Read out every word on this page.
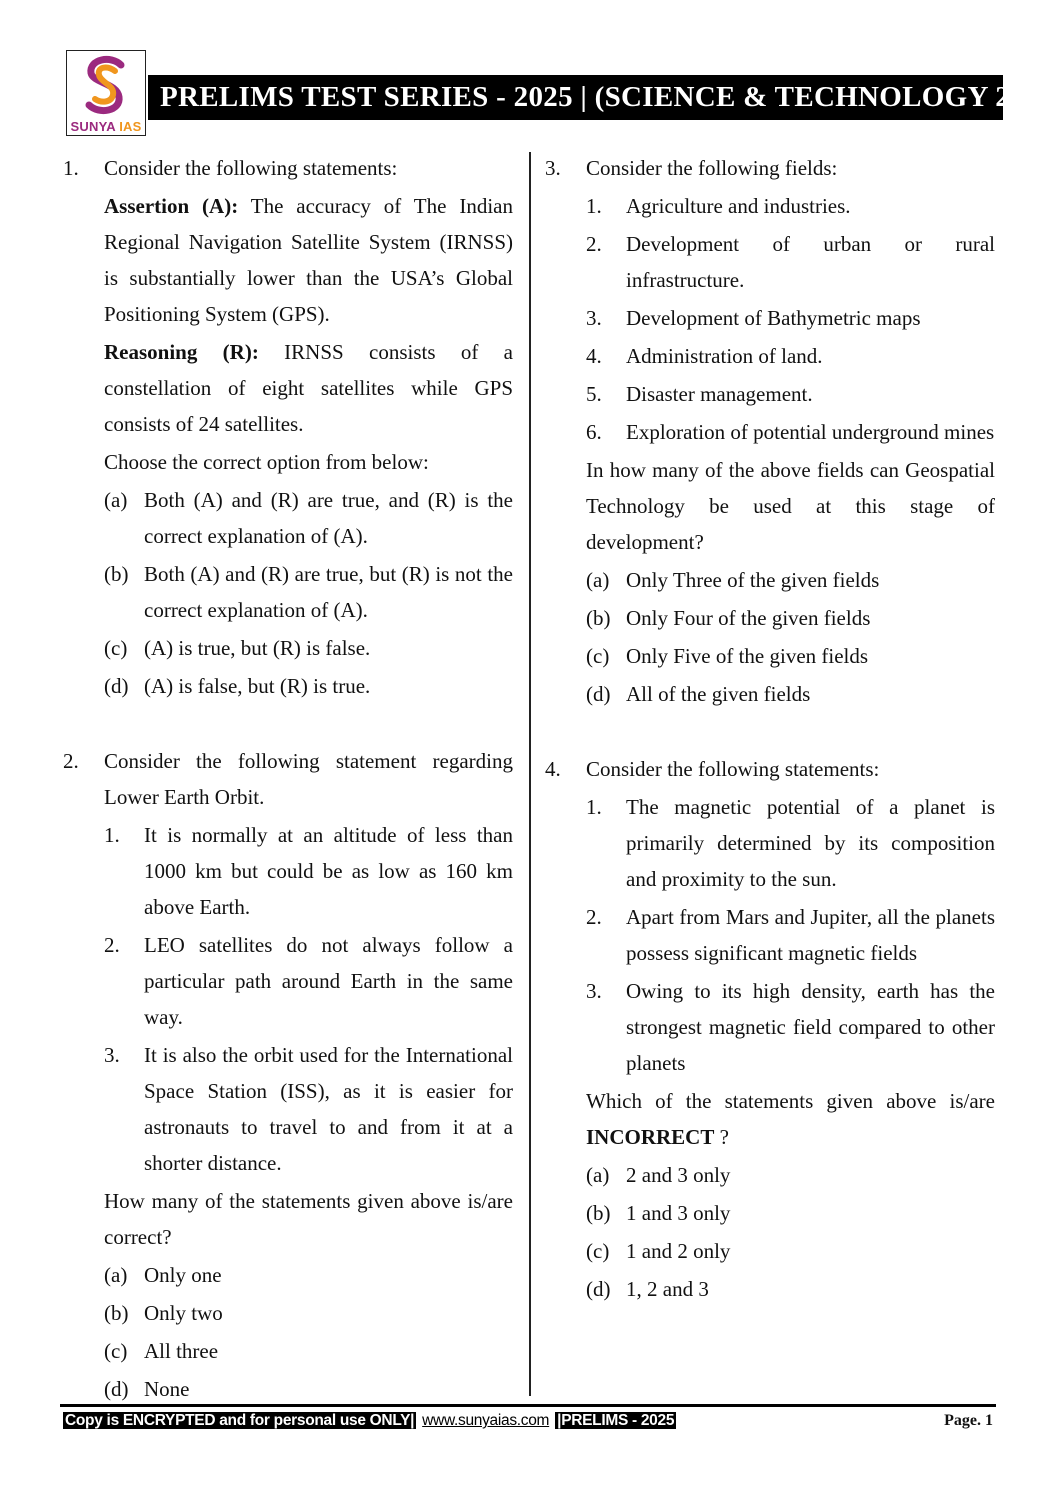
SUNYA IAS
PRELIMS TEST SERIES - 2025 | (SCIENCE & TECHNOLOGY 2.0)
1. Consider the following statements:
Assertion (A): The accuracy of The Indian Regional Navigation Satellite System (IRNSS) is substantially lower than the USA’s Global Positioning System (GPS).
Reasoning (R): IRNSS consists of a constellation of eight satellites while GPS consists of 24 satellites.
Choose the correct option from below:
(a) Both (A) and (R) are true, and (R) is the correct explanation of (A).
(b) Both (A) and (R) are true, but (R) is not the correct explanation of (A).
(c) (A) is true, but (R) is false.
(d) (A) is false, but (R) is true.
2. Consider the following statement regarding Lower Earth Orbit.
1. It is normally at an altitude of less than 1000 km but could be as low as 160 km above Earth.
2. LEO satellites do not always follow a particular path around Earth in the same way.
3. It is also the orbit used for the International Space Station (ISS), as it is easier for astronauts to travel to and from it at a shorter distance.
How many of the statements given above is/are correct?
(a) Only one
(b) Only two
(c) All three
(d) None
3. Consider the following fields:
1. Agriculture and industries.
2. Development of urban or rural infrastructure.
3. Development of Bathymetric maps
4. Administration of land.
5. Disaster management.
6. Exploration of potential underground mines
In how many of the above fields can Geospatial Technology be used at this stage of development?
(a) Only Three of the given fields
(b) Only Four of the given fields
(c) Only Five of the given fields
(d) All of the given fields
4. Consider the following statements:
1. The magnetic potential of a planet is primarily determined by its composition and proximity to the sun.
2. Apart from Mars and Jupiter, all the planets possess significant magnetic fields
3. Owing to its high density, earth has the strongest magnetic field compared to other planets
Which of the statements given above is/are INCORRECT ?
(a) 2 and 3 only
(b) 1 and 3 only
(c) 1 and 2 only
(d) 1, 2 and 3
Copy is ENCRYPTED and for personal use ONLY| www.sunyaias.com |PRELIMS - 2025	Page. 1
